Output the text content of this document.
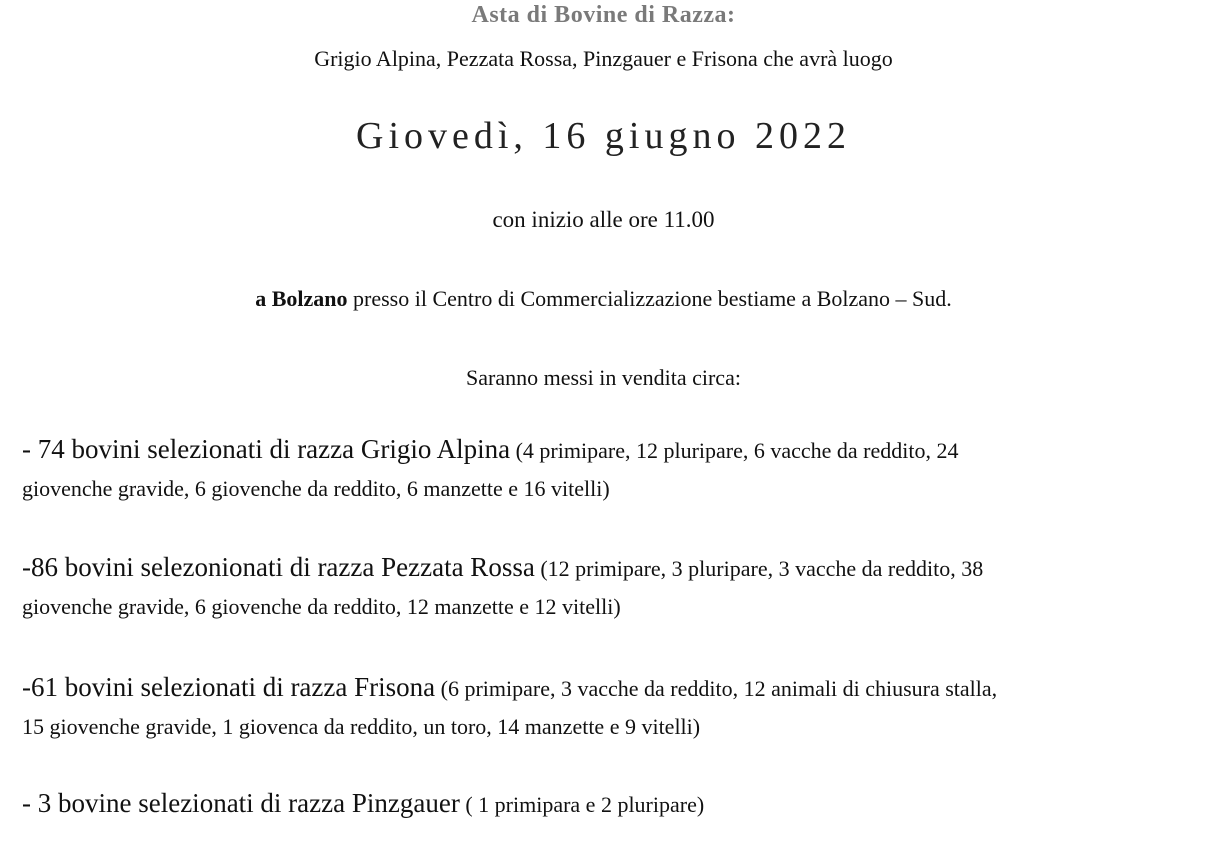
Asta di Bovine di Razza:
Grigio Alpina, Pezzata Rossa, Pinzgauer e Frisona che avrà luogo
Giovedì, 16 giugno 2022
con inizio alle ore 11.00
a Bolzano presso il Centro di Commercializzazione bestiame a Bolzano – Sud.
Saranno messi in vendita circa:
- 74 bovini selezionati di razza Grigio Alpina (4 primipare, 12 pluripare, 6 vacche da reddito, 24
giovenche gravide, 6 giovenche da reddito, 6 manzette e 16 vitelli)
-86 bovini selezonionati di razza Pezzata Rossa (12 primipare, 3 pluripare, 3 vacche da reddito, 38
giovenche gravide, 6 giovenche da reddito, 12 manzette e 12 vitelli)
-61 bovini selezionati di razza Frisona (6 primipare, 3 vacche da reddito, 12 animali di chiusura stalla,
15 giovenche gravide, 1 giovenca da reddito, un toro, 14 manzette e 9 vitelli)
- 3 bovine selezionati di razza Pinzgauer ( 1 primipara e 2 pluripare)
